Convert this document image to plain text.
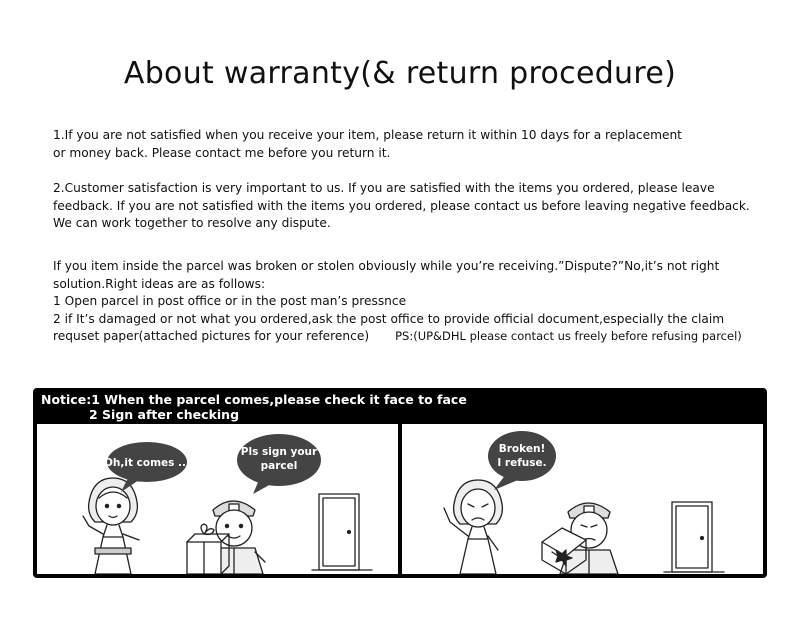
About warranty(& return procedure)
1.If you are not satisfied when you receive your item, please return it within 10 days for a replacement
or money back. Please contact me before you return it.
2.Customer satisfaction is very important to us. If you are satisfied with the items you ordered, please leave
feedback. If you are not satisfied with the items you ordered, please contact us before leaving negative feedback.
We can work together to resolve any dispute.
If you item inside the parcel was broken or stolen obviously while you’re receiving.”Dispute?”No,it’s not right
solution.Right ideas are as follows:
1 Open parcel in post office or in the post man’s pressnce
2 if It’s damaged or not what you ordered,ask the post office to provide official document,especially the claim
requset paper(attached pictures for your reference) PS:(UP&DHL please contact us freely before refusing parcel)
Notice:1 When the parcel comes,please check it face to face
2 Sign after checking
Oh,it comes ...
Pls sign your
parcel
Broken!
I refuse.
